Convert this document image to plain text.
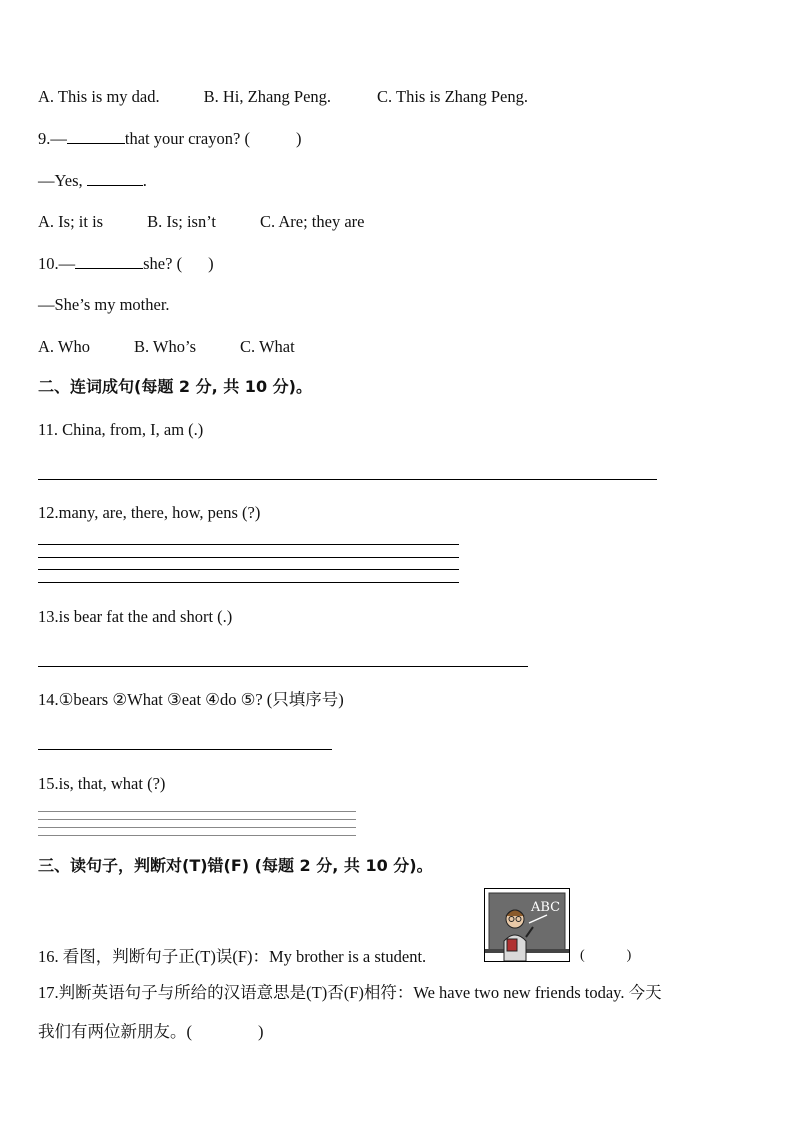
A. This is my dad.	B. Hi, Zhang Peng.	C. This is Zhang Peng.
9.—	that your crayon? (	)
—Yes,	.
A. Is; it is	B. Is; isn’t	C. Are; they are
10.—	she? ( )
—She’s my mother.
A. Who	B. Who’s	C. What
二、连词成句(每题 2 分, 共 10 分)。
11. China, from, I, am (.)
12.many, are, there, how, pens (?)
13.is bear fat the and short (.)
14.①bears ②What ③eat ④do ⑤? (只填序号)
15.is, that, what (?)
三、读句子，判断对(T)错(F) (每题 2 分, 共 10 分)。
16. 看图，判断句子正(T)误(F)：My brother is a student.
ABC
(　　　)
17.判断英语句子与所给的汉语意思是(T)否(F)相符：We have two new friends today. 今天
我们有两位新朋友。(　　　　)
